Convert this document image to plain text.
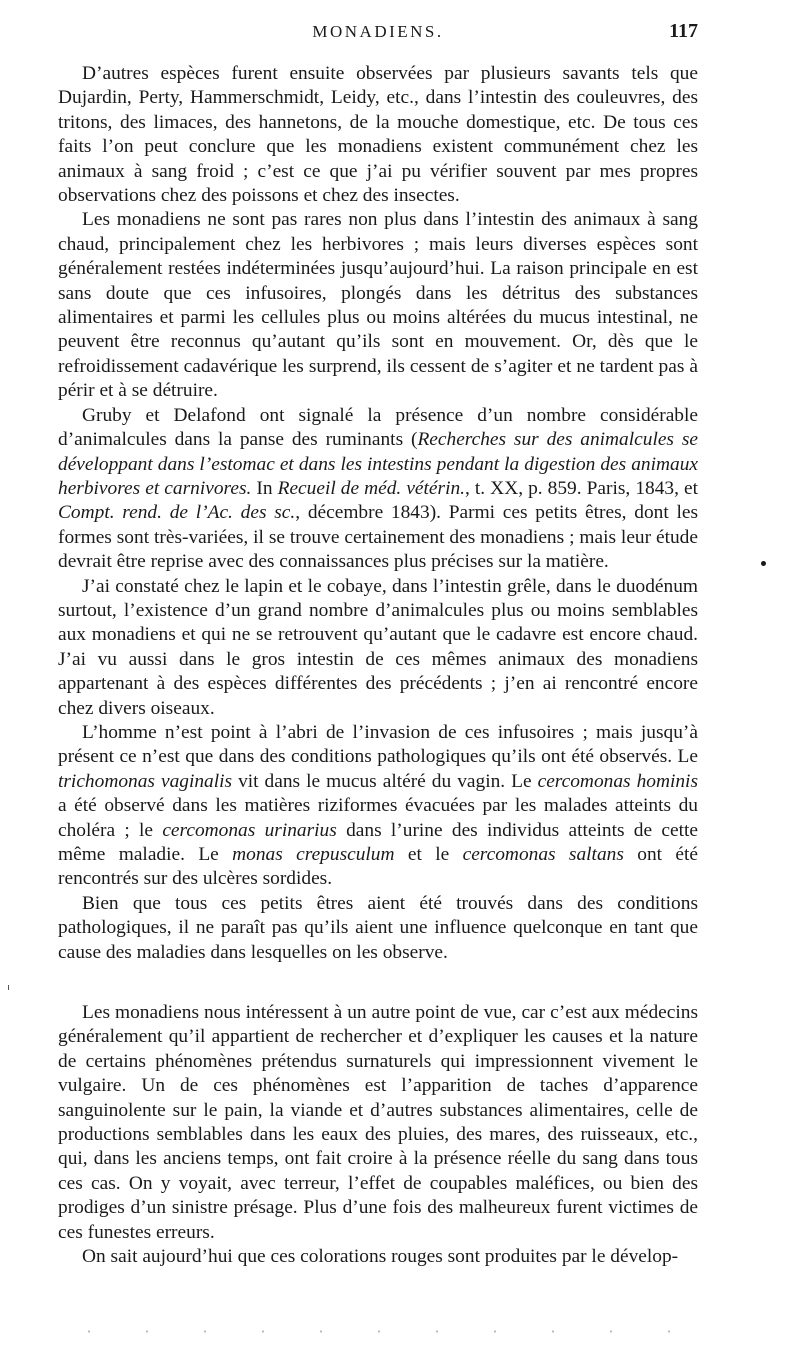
MONADIENS.	117

D’autres espèces furent ensuite observées par plusieurs savants tels que Dujardin, Perty, Hammerschmidt, Leidy, etc., dans l’intestin des couleuvres, des tritons, des limaces, des hannetons, de la mouche domestique, etc. De tous ces faits l’on peut conclure que les monadiens existent communément chez les animaux à sang froid ; c’est ce que j’ai pu vérifier souvent par mes propres observations chez des poissons et chez des insectes.

Les monadiens ne sont pas rares non plus dans l’intestin des animaux à sang chaud, principalement chez les herbivores ; mais leurs diverses espèces sont généralement restées indéterminées jusqu’aujourd’hui. La raison principale en est sans doute que ces infusoires, plongés dans les détritus des substances alimentaires et parmi les cellules plus ou moins altérées du mucus intestinal, ne peuvent être reconnus qu’autant qu’ils sont en mouvement. Or, dès que le refroidissement cadavérique les surprend, ils cessent de s’agiter et ne tardent pas à périr et à se détruire.

Gruby et Delafond ont signalé la présence d’un nombre considérable d’animalcules dans la panse des ruminants (Recherches sur des animalcules se développant dans l’estomac et dans les intestins pendant la digestion des animaux herbivores et carnivores. In Recueil de méd. vétérin., t. XX, p. 859. Paris, 1843, et Compt. rend. de l’Ac. des sc., décembre 1843). Parmi ces petits êtres, dont les formes sont très-variées, il se trouve certainement des monadiens ; mais leur étude devrait être reprise avec des connaissances plus précises sur la matière.

J’ai constaté chez le lapin et le cobaye, dans l’intestin grêle, dans le duodénum surtout, l’existence d’un grand nombre d’animalcules plus ou moins semblables aux monadiens et qui ne se retrouvent qu’autant que le cadavre est encore chaud. J’ai vu aussi dans le gros intestin de ces mêmes animaux des monadiens appartenant à des espèces différentes des précédents ; j’en ai rencontré encore chez divers oiseaux.

L’homme n’est point à l’abri de l’invasion de ces infusoires ; mais jusqu’à présent ce n’est que dans des conditions pathologiques qu’ils ont été observés. Le trichomonas vaginalis vit dans le mucus altéré du vagin. Le cercomonas hominis a été observé dans les matières riziformes évacuées par les malades atteints du choléra ; le cercomonas urinarius dans l’urine des individus atteints de cette même maladie. Le monas crepusculum et le cercomonas saltans ont été rencontrés sur des ulcères sordides.

Bien que tous ces petits êtres aient été trouvés dans des conditions pathologiques, il ne paraît pas qu’ils aient une influence quelconque en tant que cause des maladies dans lesquelles on les observe.

Les monadiens nous intéressent à un autre point de vue, car c’est aux médecins généralement qu’il appartient de rechercher et d’expliquer les causes et la nature de certains phénomènes prétendus surnaturels qui impressionnent vivement le vulgaire. Un de ces phénomènes est l’apparition de taches d’apparence sanguinolente sur le pain, la viande et d’autres substances alimentaires, celle de productions semblables dans les eaux des pluies, des mares, des ruisseaux, etc., qui, dans les anciens temps, ont fait croire à la présence réelle du sang dans tous ces cas. On y voyait, avec terreur, l’effet de coupables maléfices, ou bien des prodiges d’un sinistre présage. Plus d’une fois des malheureux furent victimes de ces funestes erreurs.

On sait aujourd’hui que ces colorations rouges sont produites par le dévelop-
